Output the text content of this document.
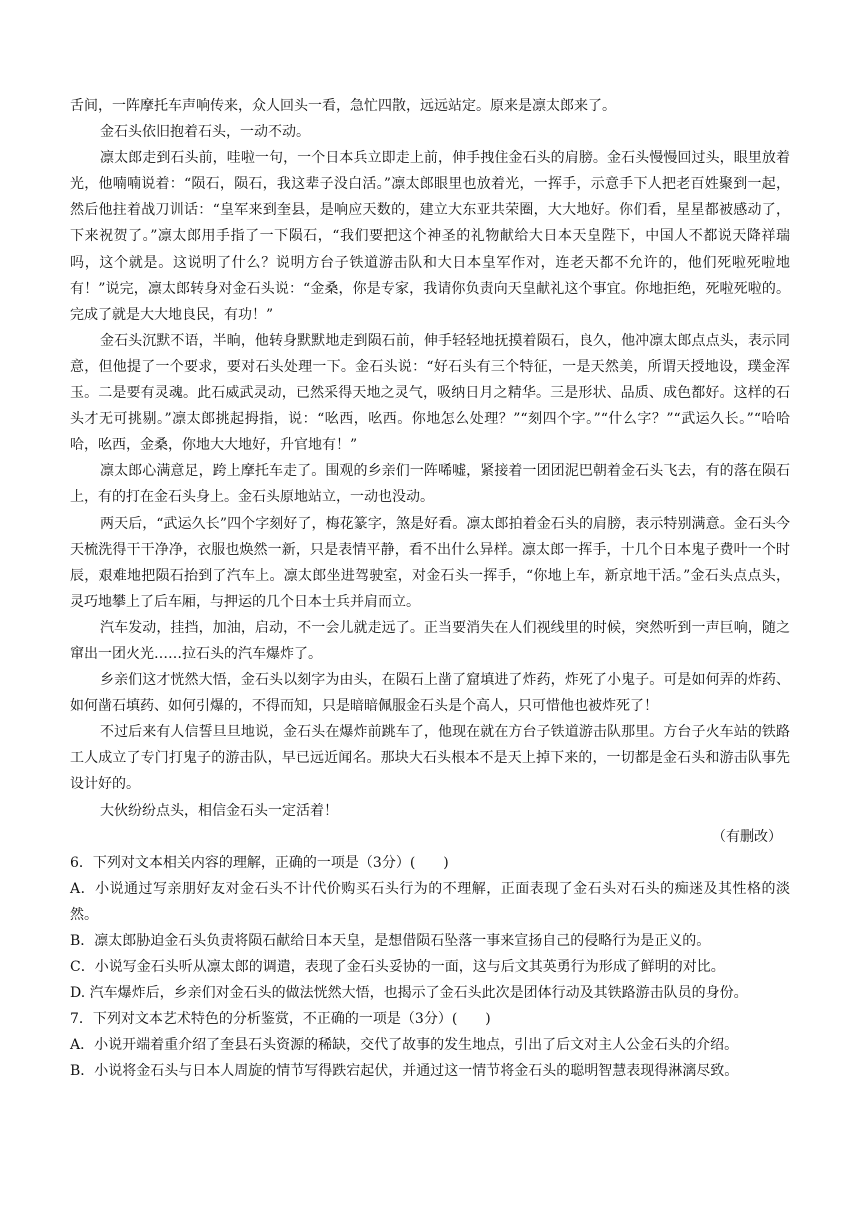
舌间，一阵摩托车声响传来，众人回头一看，急忙四散，远远站定。原来是凛太郎来了。

金石头依旧抱着石头，一动不动。

凛太郎走到石头前，哇啦一句，一个日本兵立即走上前，伸手拽住金石头的肩膀。金石头慢慢回过头，眼里放着光，他喃喃说着：“陨石，陨石，我这辈子没白活。”凛太郎眼里也放着光，一挥手，示意手下人把老百姓聚到一起，然后他拄着战刀训话：“皇军来到奎县，是响应天数的，建立大东亚共荣圈，大大地好。你们看，星星都被感动了，下来祝贺了。”凛太郎用手指了一下陨石，“我们要把这个神圣的礼物献给大日本天皇陛下，中国人不都说天降祥瑞吗，这个就是。这说明了什么？说明方台子铁道游击队和大日本皇军作对，连老天都不允许的，他们死啦死啦地有！”说完，凛太郎转身对金石头说：“金桑，你是专家，我请你负责向天皇献礼这个事宜。你地拒绝，死啦死啦的。完成了就是大大地良民，有功！”

金石头沉默不语，半晌，他转身默默地走到陨石前，伸手轻轻地抚摸着陨石，良久，他冲凛太郎点点头，表示同意，但他提了一个要求，要对石头处理一下。金石头说：“好石头有三个特征，一是天然美，所谓天授地设，璞金浑玉。二是要有灵魂。此石威武灵动，已然采得天地之灵气，吸纳日月之精华。三是形状、品质、成色都好。这样的石头才无可挑剔。”凛太郎挑起拇指，说：“吆西，吆西。你地怎么处理？”“刻四个字。”“什么字？”“武运久长。”“哈哈哈，吆西，金桑，你地大大地好，升官地有！”

凛太郎心满意足，跨上摩托车走了。围观的乡亲们一阵唏嘘，紧接着一团团泥巴朝着金石头飞去，有的落在陨石上，有的打在金石头身上。金石头原地站立，一动也没动。

两天后，“武运久长”四个字刻好了，梅花篆字，煞是好看。凛太郎拍着金石头的肩膀，表示特别满意。金石头今天梳洗得干干净净，衣服也焕然一新，只是表情平静，看不出什么异样。凛太郎一挥手，十几个日本鬼子费叶一个时辰，艰难地把陨石抬到了汽车上。凛太郎坐进驾驶室，对金石头一挥手，“你地上车，新京地干活。”金石头点点头，灵巧地攀上了后车厢，与押运的几个日本士兵并肩而立。

汽车发动，挂挡，加油，启动，不一会儿就走远了。正当要消失在人们视线里的时候，突然听到一声巨响，随之窜出一团火光……拉石头的汽车爆炸了。

乡亲们这才恍然大悟，金石头以刻字为由头，在陨石上凿了窟填进了炸药，炸死了小鬼子。可是如何弄的炸药、如何凿石填药、如何引爆的，不得而知，只是暗暗佩服金石头是个高人，只可惜他也被炸死了！

不过后来有人信誓旦旦地说，金石头在爆炸前跳车了，他现在就在方台子铁道游击队那里。方台子火车站的铁路工人成立了专门打鬼子的游击队，早已远近闻名。那块大石头根本不是天上掉下来的，一切都是金石头和游击队事先设计好的。

大伙纷纷点头，相信金石头一定活着！

（有删改）

6．下列对文本相关内容的理解，正确的一项是（3分）(　　)

A．小说通过写亲朋好友对金石头不计代价购买石头行为的不理解，正面表现了金石头对石头的痴迷及其性格的淡然。

B．凛太郎胁迫金石头负责将陨石献给日本天皇，是想借陨石坠落一事来宣扬自己的侵略行为是正义的。

C．小说写金石头听从凛太郎的调遣，表现了金石头妥协的一面，这与后文其英勇行为形成了鲜明的对比。

D. 汽车爆炸后，乡亲们对金石头的做法恍然大悟，也揭示了金石头此次是团体行动及其铁路游击队员的身份。

7．下列对文本艺术特色的分析鉴赏，不正确的一项是（3分）(　　)

A．小说开端着重介绍了奎县石头资源的稀缺，交代了故事的发生地点，引出了后文对主人公金石头的介绍。

B．小说将金石头与日本人周旋的情节写得跌宕起伏，并通过这一情节将金石头的聪明智慧表现得淋漓尽致。
